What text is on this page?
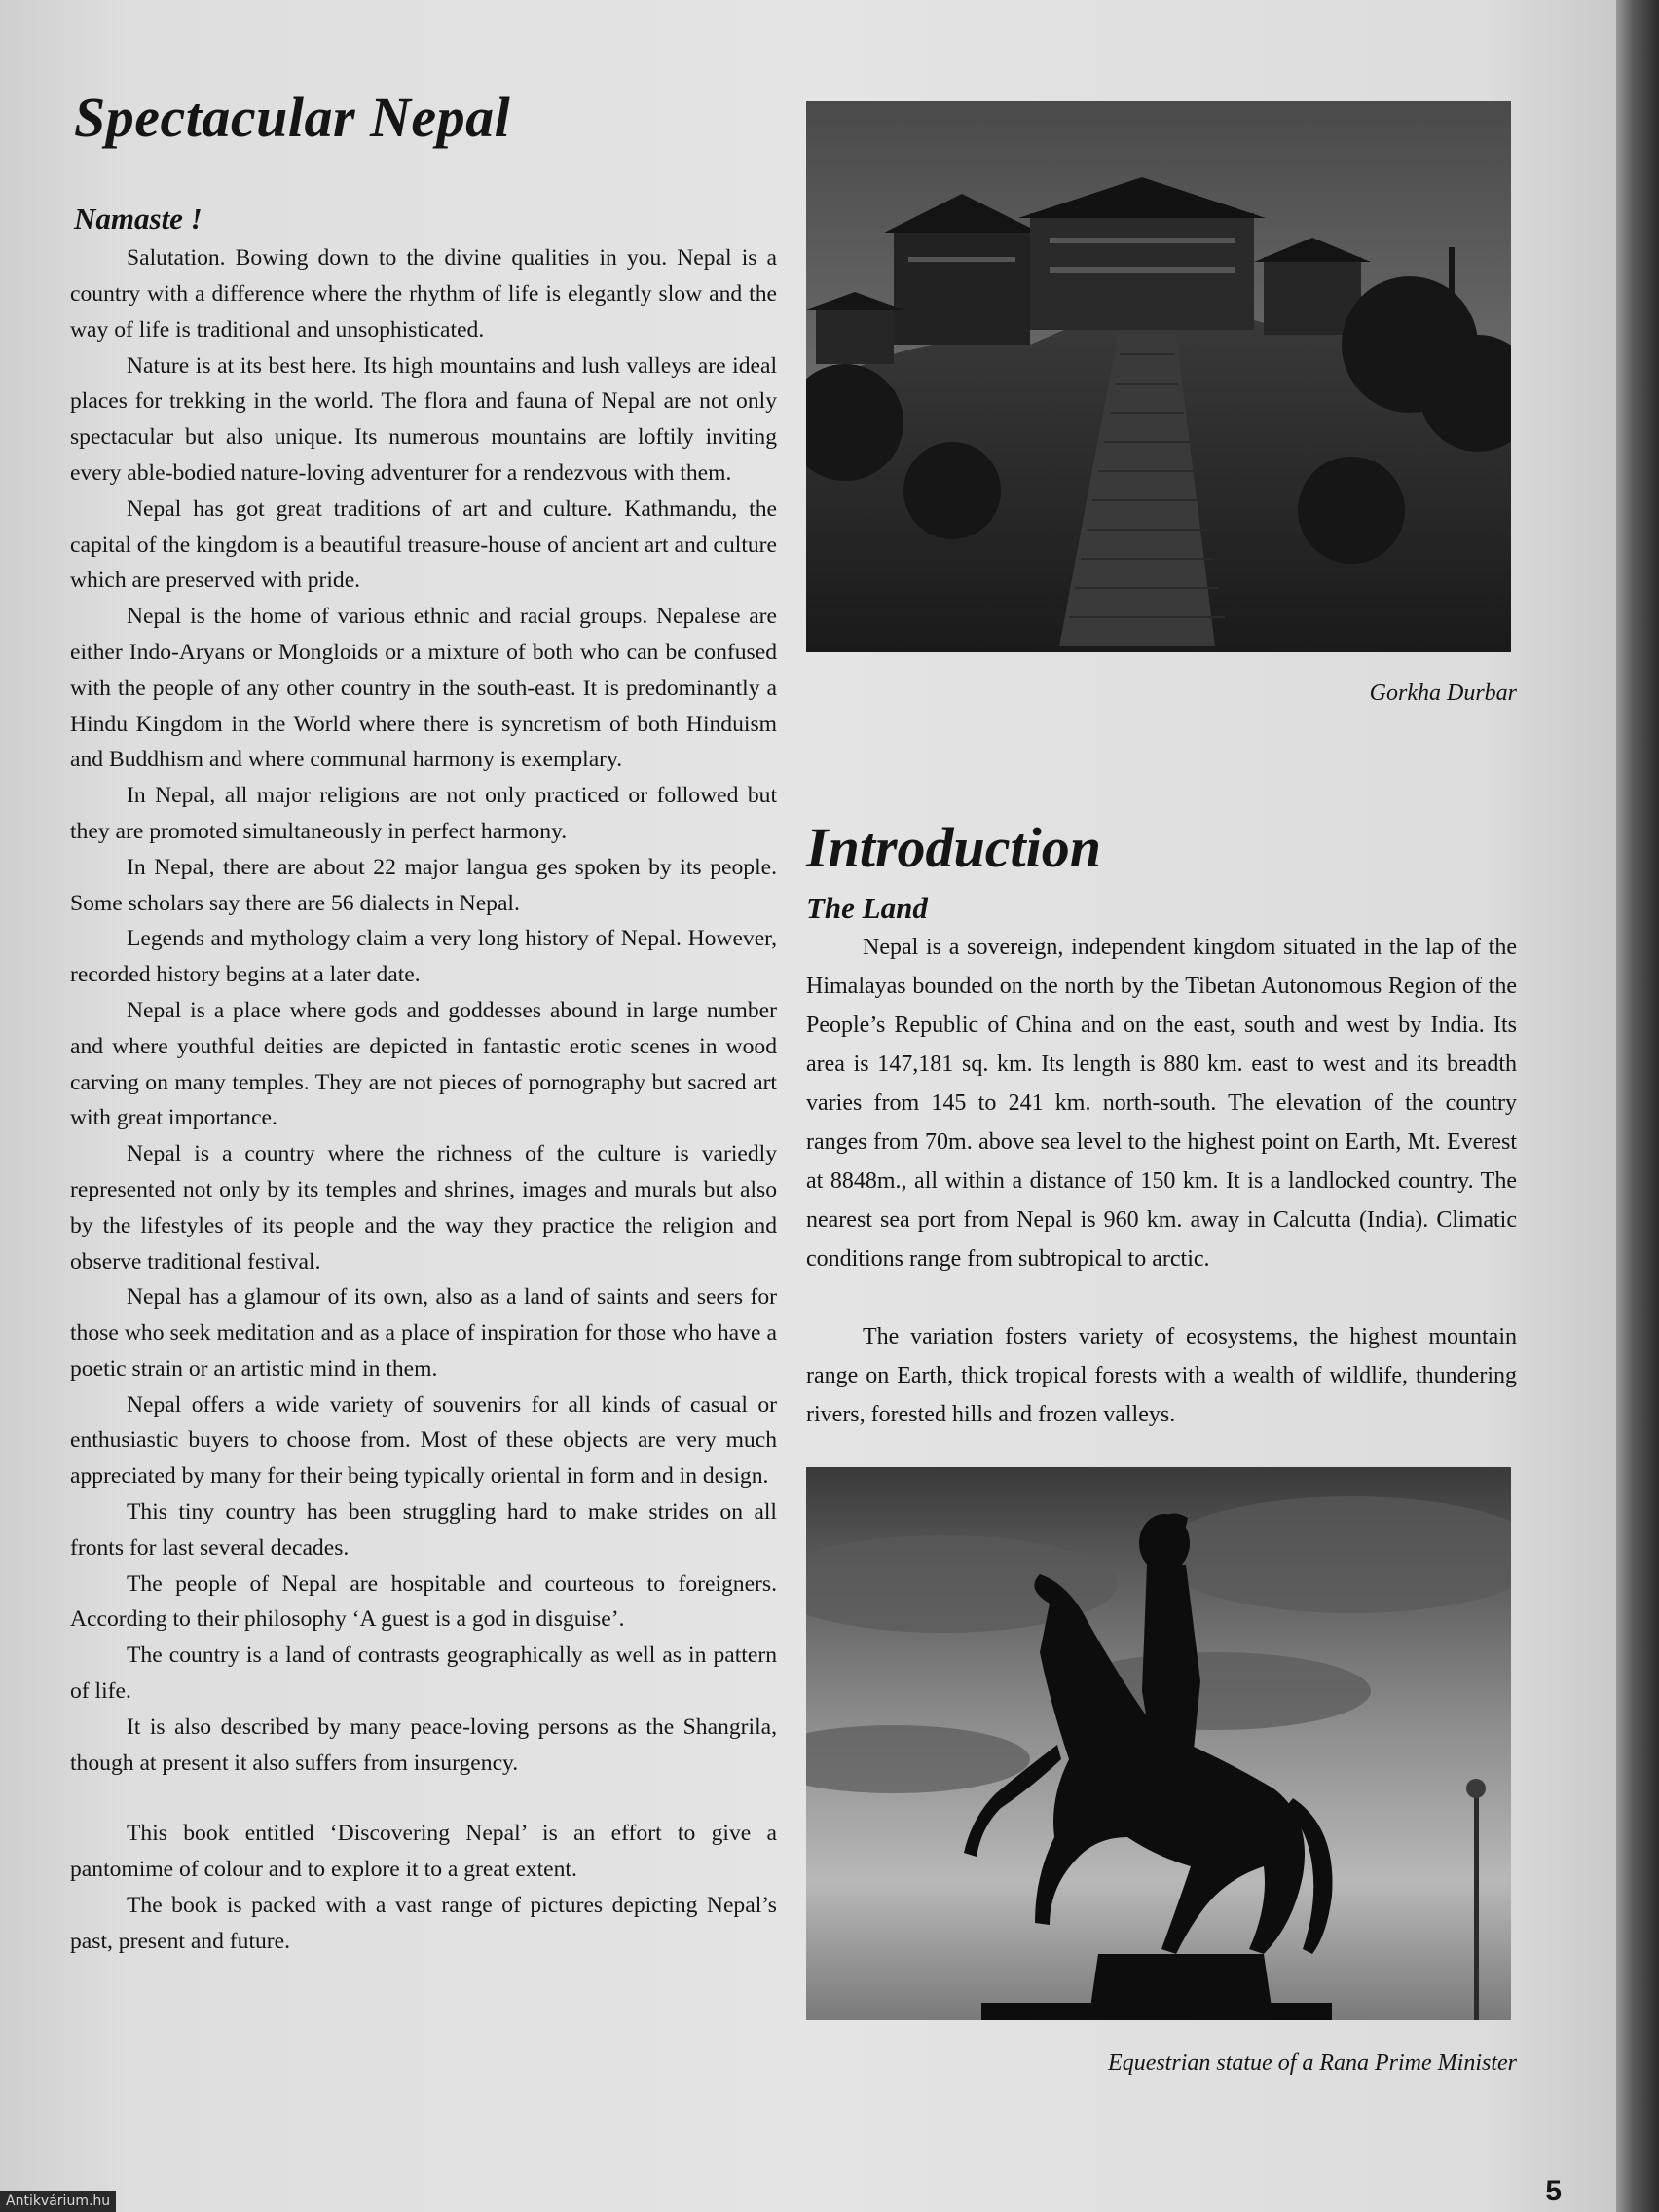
Spectacular Nepal
Namaste !

Salutation. Bowing down to the divine qualities in you. Nepal is a country with a difference where the rhythm of life is elegantly slow and the way of life is traditional and unsophisticated.

Nature is at its best here. Its high mountains and lush valleys are ideal places for trekking in the world. The flora and fauna of Nepal are not only spectacular but also unique. Its numerous mountains are loftily inviting every able-bodied nature-loving adventurer for a rendezvous with them.

Nepal has got great traditions of art and culture. Kathmandu, the capital of the kingdom is a beautiful treasure-house of ancient art and culture which are preserved with pride.

Nepal is the home of various ethnic and racial groups. Nepalese are either Indo-Aryans or Mongloids or a mixture of both who can be confused with the people of any other country in the south-east. It is predominantly a Hindu Kingdom in the World where there is syncretism of both Hinduism and Buddhism and where communal harmony is exemplary.

In Nepal, all major religions are not only practiced or followed but they are promoted simultaneously in perfect harmony.

In Nepal, there are about 22 major langua ges spoken by its people. Some scholars say there are 56 dialects in Nepal.

Legends and mythology claim a very long history of Nepal. However, recorded history begins at a later date.

Nepal is a place where gods and goddesses abound in large number and where youthful deities are depicted in fantastic erotic scenes in wood carving on many temples. They are not pieces of pornography but sacred art with great importance.

Nepal is a country where the richness of the culture is variedly represented not only by its temples and shrines, images and murals but also by the lifestyles of its people and the way they practice the religion and observe traditional festival.

Nepal has a glamour of its own, also as a land of saints and seers for those who seek meditation and as a place of inspiration for those who have a poetic strain or an artistic mind in them.

Nepal offers a wide variety of souvenirs for all kinds of casual or enthusiastic buyers to choose from. Most of these objects are very much appreciated by many for their being typically oriental in form and in design.

This tiny country has been struggling hard to make strides on all fronts for last several decades.

The people of Nepal are hospitable and courteous to foreigners. According to their philosophy ‘A guest is a god in disguise’.

The country is a land of contrasts geographically as well as in pattern of life.

It is also described by many peace-loving persons as the Shangrila, though at present it also suffers from insurgency.

This book entitled ‘Discovering Nepal’ is an effort to give a pantomime of colour and to explore it to a great extent.

The book is packed with a vast range of pictures depicting Nepal’s past, present and future.

Gorkha Durbar
Introduction
The Land

Nepal is a sovereign, independent kingdom situated in the lap of the Himalayas bounded on the north by the Tibetan Autonomous Region of the People’s Republic of China and on the east, south and west by India. Its area is 147,181 sq. km. Its length is 880 km. east to west and its breadth varies from 145 to 241 km. north-south. The elevation of the country ranges from 70m. above sea level to the highest point on Earth, Mt. Everest at 8848m., all within a distance of 150 km. It is a landlocked country. The nearest sea port from Nepal is 960 km. away in Calcutta (India). Climatic conditions range from subtropical to arctic.

The variation fosters variety of ecosystems, the highest mountain range on Earth, thick tropical forests with a wealth of wildlife, thundering rivers, forested hills and frozen valleys.

Equestrian statue of a Rana Prime Minister
5
Antikvárium.hu
